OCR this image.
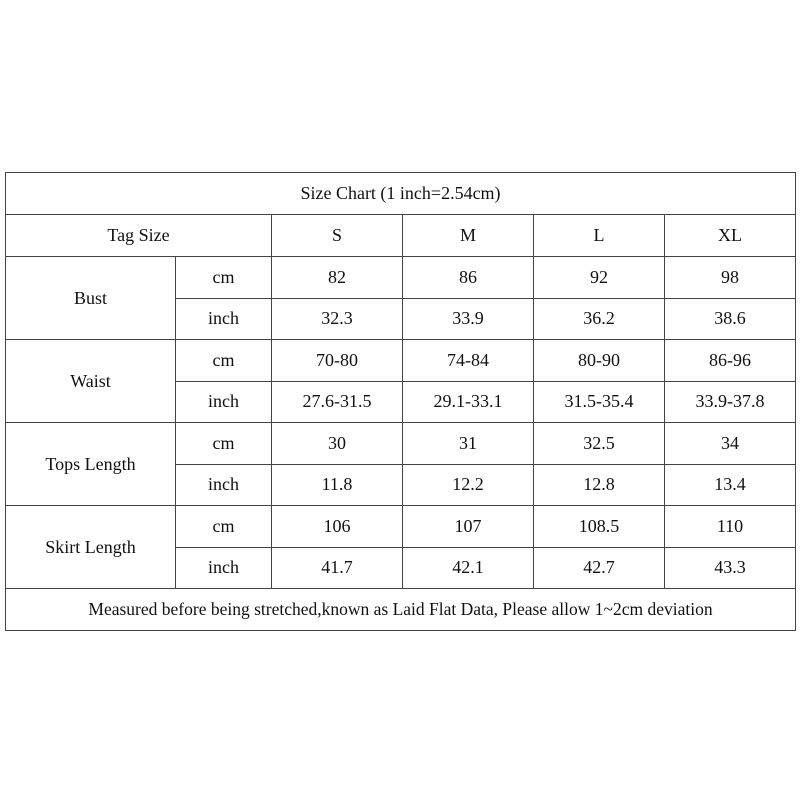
Size Chart (1 inch=2.54cm)					
Tag Size		S	M	L	XL
Bust	cm	82	86	92	98
	inch	32.3	33.9	36.2	38.6
Waist	cm	70-80	74-84	80-90	86-96
	inch	27.6-31.5	29.1-33.1	31.5-35.4	33.9-37.8
Tops Length	cm	30	31	32.5	34
	inch	11.8	12.2	12.8	13.4
Skirt Length	cm	106	107	108.5	110
	inch	41.7	42.1	42.7	43.3
Measured before being stretched,known as Laid Flat Data, Please allow 1~2cm deviation					
